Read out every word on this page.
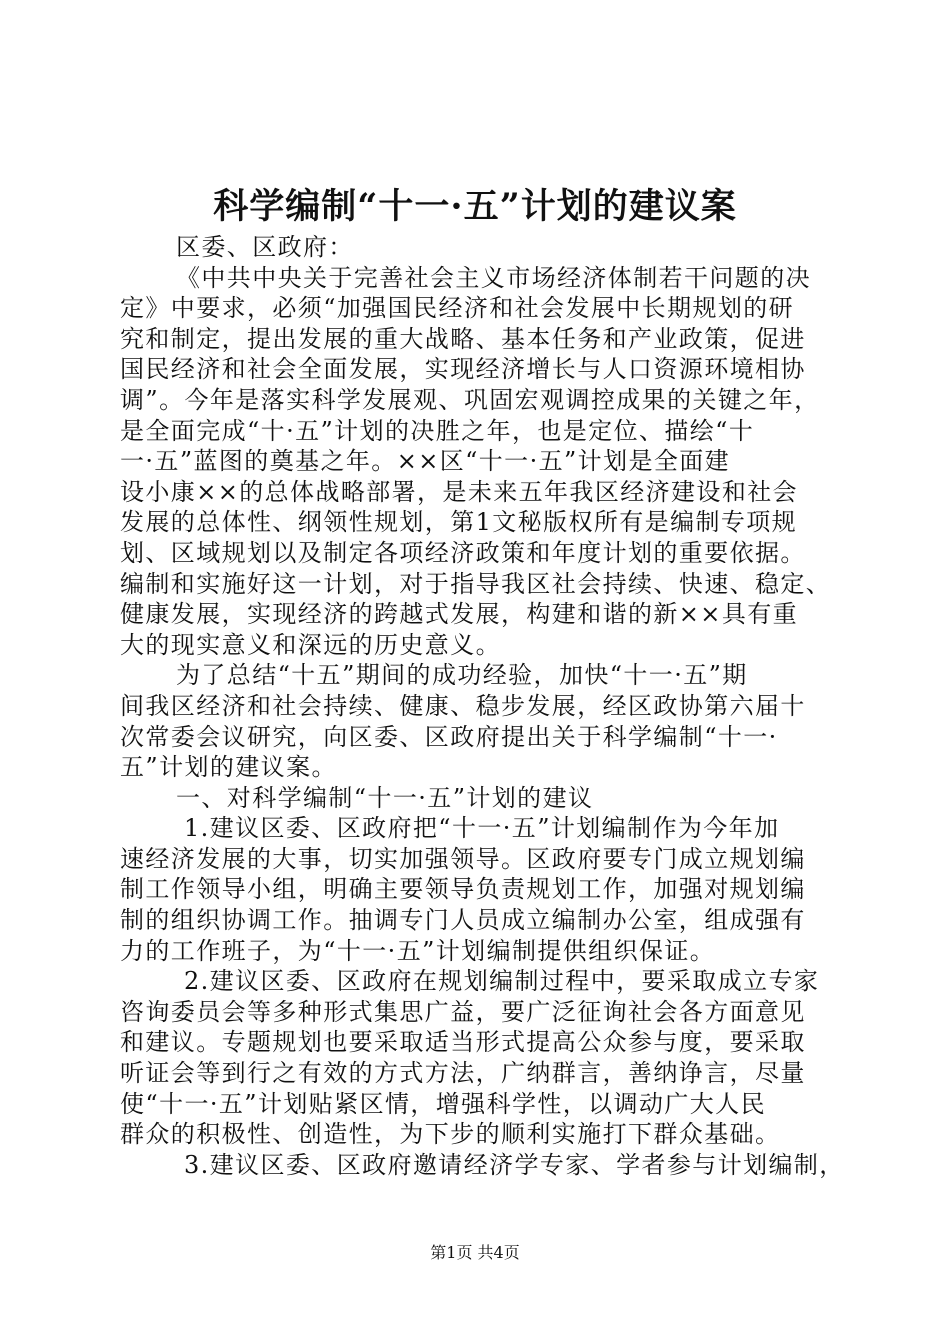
科学编制“十一·五”计划的建议案
区委、区政府：
《中共中央关于完善社会主义市场经济体制若干问题的决
定》中要求，必须“加强国民经济和社会发展中长期规划的研
究和制定，提出发展的重大战略、基本任务和产业政策，促进
国民经济和社会全面发展，实现经济增长与人口资源环境相协
调”。今年是落实科学发展观、巩固宏观调控成果的关键之年，
是全面完成“十·五”计划的决胜之年，也是定位、描绘“十
一·五”蓝图的奠基之年。××区“十一·五”计划是全面建
设小康××的总体战略部署，是未来五年我区经济建设和社会
发展的总体性、纲领性规划，第1文秘版权所有是编制专项规
划、区域规划以及制定各项经济政策和年度计划的重要依据。
编制和实施好这一计划，对于指导我区社会持续、快速、稳定、
健康发展，实现经济的跨越式发展，构建和谐的新××具有重
大的现实意义和深远的历史意义。
为了总结“十五”期间的成功经验，加快“十一·五”期
间我区经济和社会持续、健康、稳步发展，经区政协第六届十
次常委会议研究，向区委、区政府提出关于科学编制“十一·
五”计划的建议案。
一、对科学编制“十一·五”计划的建议
1.建议区委、区政府把“十一·五”计划编制作为今年加
速经济发展的大事，切实加强领导。区政府要专门成立规划编
制工作领导小组，明确主要领导负责规划工作，加强对规划编
制的组织协调工作。抽调专门人员成立编制办公室，组成强有
力的工作班子，为“十一·五”计划编制提供组织保证。
2.建议区委、区政府在规划编制过程中，要采取成立专家
咨询委员会等多种形式集思广益，要广泛征询社会各方面意见
和建议。专题规划也要采取适当形式提高公众参与度，要采取
听证会等到行之有效的方式方法，广纳群言，善纳诤言，尽量
使“十一·五”计划贴紧区情，增强科学性，以调动广大人民
群众的积极性、创造性，为下步的顺利实施打下群众基础。
3.建议区委、区政府邀请经济学专家、学者参与计划编制，
第1页 共4页
